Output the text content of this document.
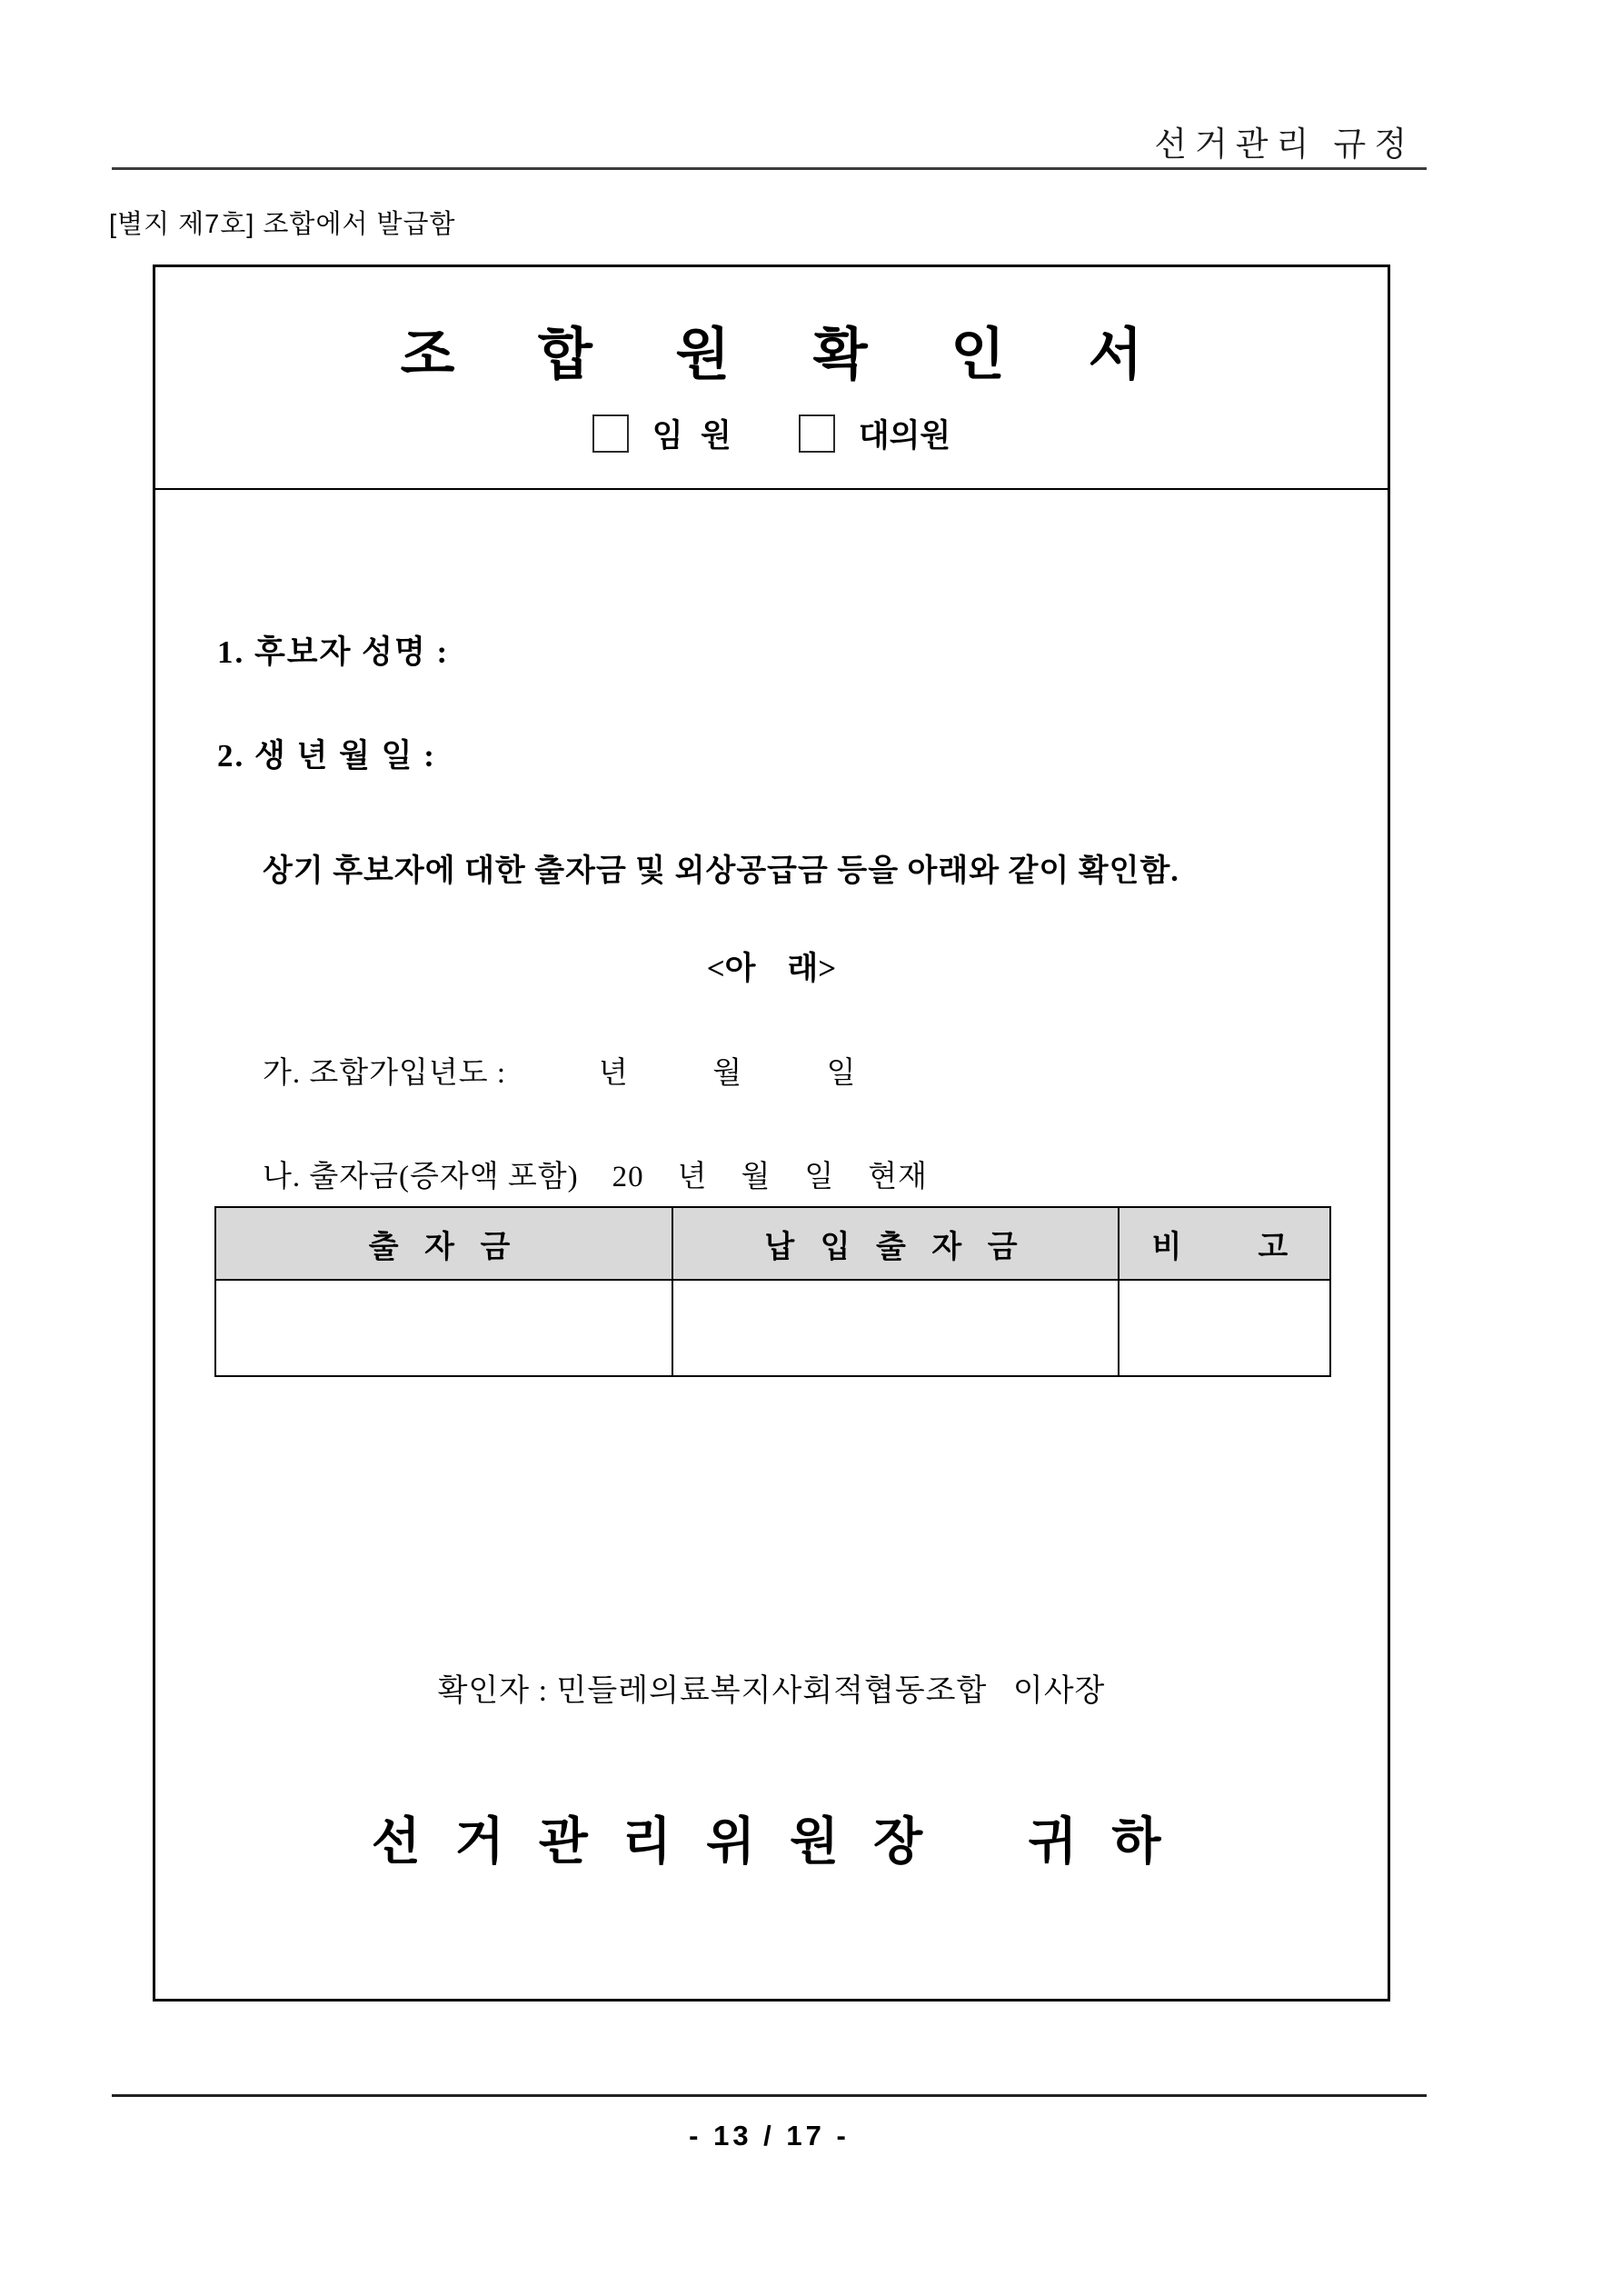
선거관리 규정
[별지 제7호] 조합에서 발급함
조 합 원 확 인 서
임  원	대의원
1. 후보자 성명 :
2. 생 년 월 일 :
상기 후보자에 대한 출자금 및 외상공급금 등을 아래와 같이 확인함.
<아    래>
가. 조합가입년도 :           년          월          일
나. 출자금(증자액 포함)    20    년    월    일    현재
출 자 금	납 입 출 자 금	비    고

확인자 : 민들레의료복지사회적협동조합   이사장
선 거 관 리 위 원 장    귀 하
- 13 / 17 -
